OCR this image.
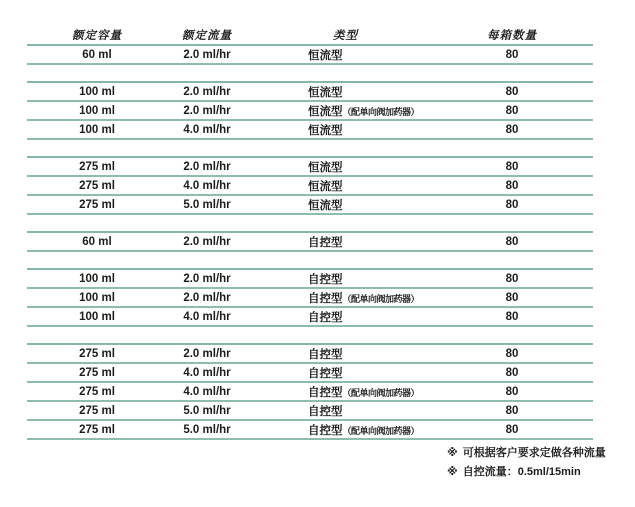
额定容量	额定流量	类型	每箱数量
60 ml	2.0 ml/hr	恒流型	80
100 ml	2.0 ml/hr	恒流型	80
100 ml	2.0 ml/hr	恒流型（配单向阀加药器）	80
100 ml	4.0 ml/hr	恒流型	80
275 ml	2.0 ml/hr	恒流型	80
275 ml	4.0 ml/hr	恒流型	80
275 ml	5.0 ml/hr	恒流型	80
60 ml	2.0 ml/hr	自控型	80
100 ml	2.0 ml/hr	自控型	80
100 ml	2.0 ml/hr	自控型（配单向阀加药器）	80
100 ml	4.0 ml/hr	自控型	80
275 ml	2.0 ml/hr	自控型	80
275 ml	4.0 ml/hr	自控型	80
275 ml	4.0 ml/hr	自控型（配单向阀加药器）	80
275 ml	5.0 ml/hr	自控型	80
275 ml	5.0 ml/hr	自控型（配单向阀加药器）	80
※ 可根据客户要求定做各种流量
※ 自控流量：0.5ml/15min
